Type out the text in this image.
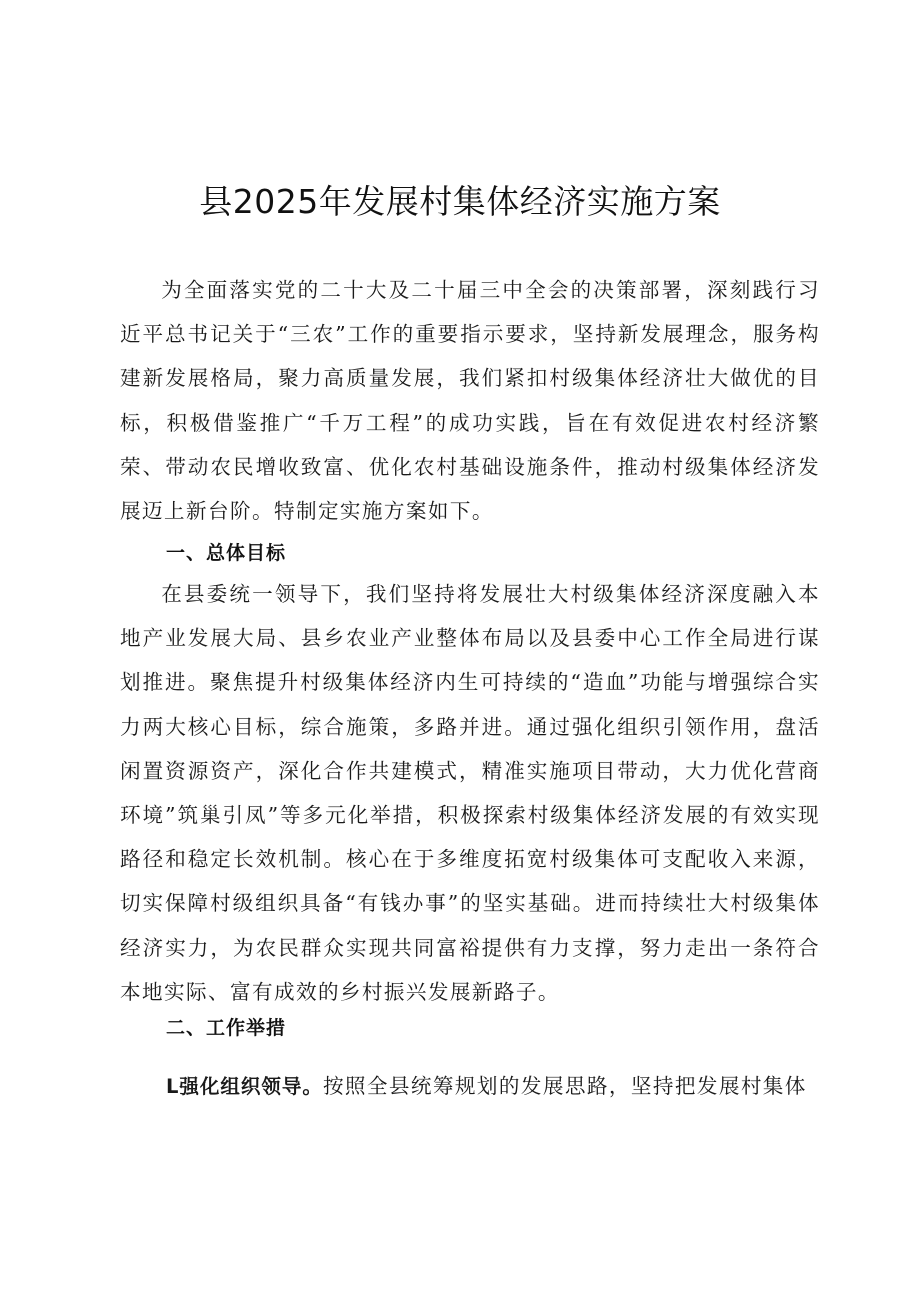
县2025年发展村集体经济实施方案

为全面落实党的二十大及二十届三中全会的决策部署，深刻践行习近平总书记关于“三农”工作的重要指示要求，坚持新发展理念，服务构建新发展格局，聚力高质量发展，我们紧扣村级集体经济壮大做优的目标，积极借鉴推广“千万工程”的成功实践，旨在有效促进农村经济繁荣、带动农民增收致富、优化农村基础设施条件，推动村级集体经济发展迈上新台阶。特制定实施方案如下。

一、总体目标

在县委统一领导下，我们坚持将发展壮大村级集体经济深度融入本地产业发展大局、县乡农业产业整体布局以及县委中心工作全局进行谋划推进。聚焦提升村级集体经济内生可持续的“造血”功能与增强综合实力两大核心目标，综合施策，多路并进。通过强化组织引领作用，盘活闲置资源资产，深化合作共建模式，精准实施项目带动，大力优化营商环境”筑巢引凤”等多元化举措，积极探索村级集体经济发展的有效实现路径和稳定长效机制。核心在于多维度拓宽村级集体可支配收入来源，切实保障村级组织具备“有钱办事”的坚实基础。进而持续壮大村级集体经济实力，为农民群众实现共同富裕提供有力支撑，努力走出一条符合本地实际、富有成效的乡村振兴发展新路子。

二、工作举措

L强化组织领导。按照全县统筹规划的发展思路，坚持把发展村集体
